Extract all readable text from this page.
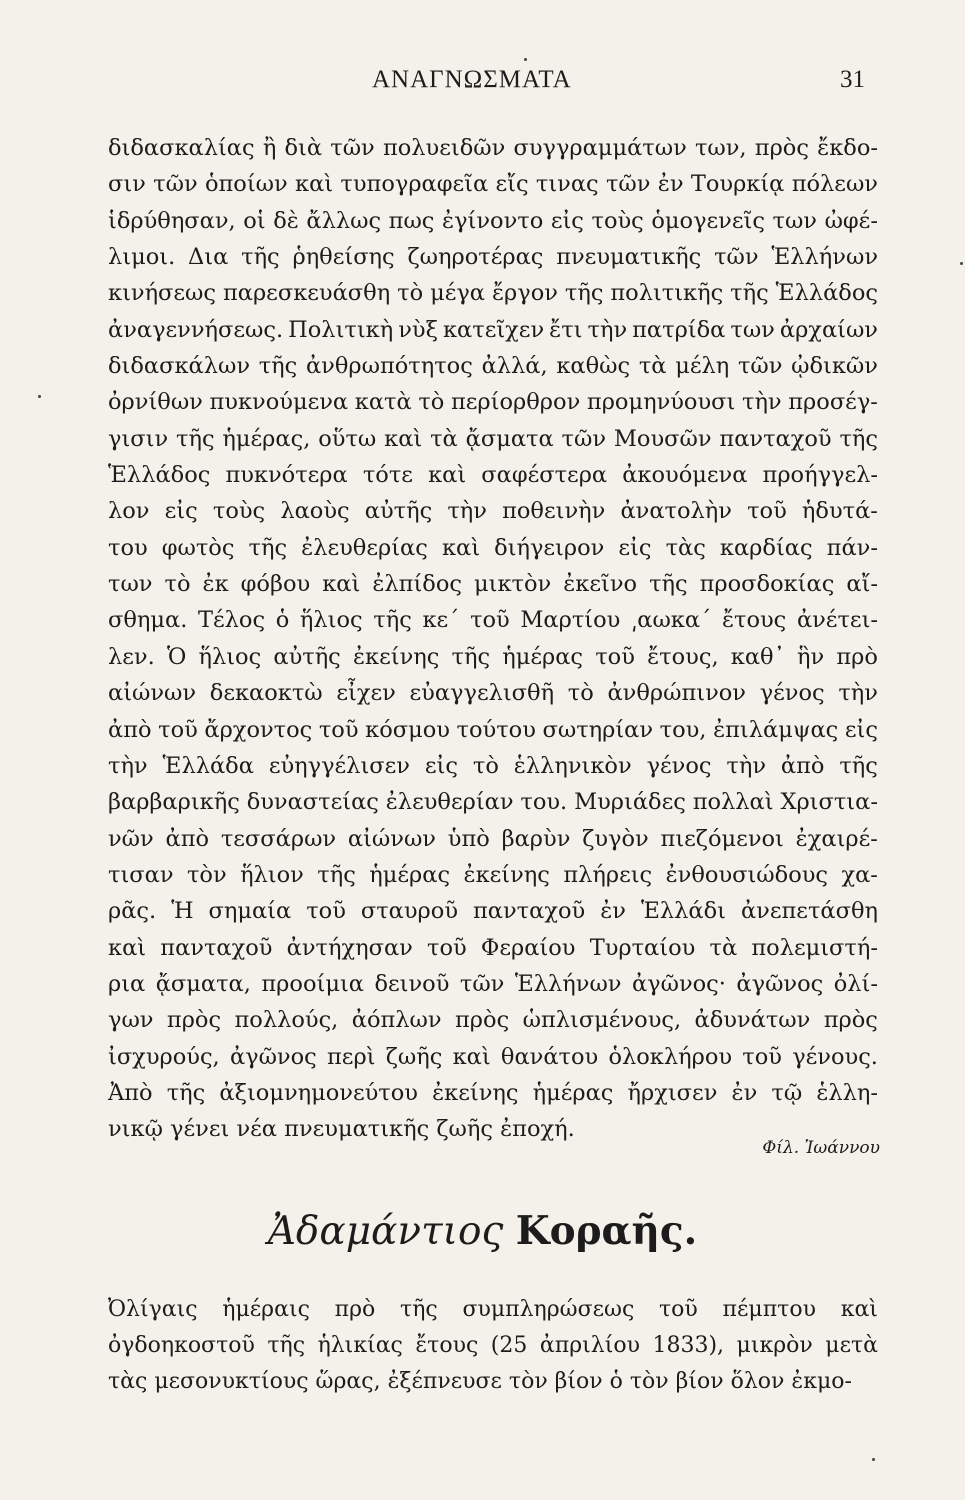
ΑΝΑΓΝΩΣΜΑΤΑ	31
διδασκαλίας ἢ διὰ τῶν πολυειδῶν συγγραμμάτων των, πρὸς ἔκδο-
σιν τῶν ὁποίων καὶ τυπογραφεῖα εἴς τινας τῶν ἐν Τουρκίᾳ πόλεων
ἱδρύθησαν, οἱ δὲ ἄλλως πως ἐγίνοντο εἰς τοὺς ὁμογενεῖς των ὠφέ-
λιμοι. Δια τῆς ῥηθείσης ζωηροτέρας πνευματικῆς τῶν Ἑλλήνων
κινήσεως παρεσκευάσθη τὸ μέγα ἔργον τῆς πολιτικῆς τῆς Ἑλλάδος
ἀναγεννήσεως. Πολιτικὴ νὺξ κατεῖχεν ἔτι τὴν πατρίδα των ἀρχαίων
διδασκάλων τῆς ἀνθρωπότητος ἀλλά, καθὼς τὰ μέλη τῶν ᾠδικῶν
ὀρνίθων πυκνούμενα κατὰ τὸ περίορθρον προμηνύουσι τὴν προσέγ-
γισιν τῆς ἡμέρας, οὕτω καὶ τὰ ᾄσματα τῶν Μουσῶν πανταχοῦ τῆς
Ἑλλάδος πυκνότερα τότε καὶ σαφέστερα ἀκουόμενα προήγγελ-
λον εἰς τοὺς λαοὺς αὐτῆς τὴν ποθεινὴν ἀνατολὴν τοῦ ἡδυτά-
του φωτὸς τῆς ἐλευθερίας καὶ διήγειρον εἰς τὰς καρδίας πάν-
των τὸ ἐκ φόβου καὶ ἐλπίδος μικτὸν ἐκεῖνο τῆς προσδοκίας αἴ-
σθημα. Τέλος ὁ ἥλιος τῆς κε΄ τοῦ Μαρτίου ͵αωκα΄ ἔτους ἀνέτει-
λεν. Ὁ ἥλιος αὐτῆς ἐκείνης τῆς ἡμέρας τοῦ ἔτους, καθ᾽ ἣν πρὸ
αἰώνων δεκαοκτὼ εἶχεν εὐαγγελισθῆ τὸ ἀνθρώπινον γένος τὴν
ἀπὸ τοῦ ἄρχοντος τοῦ κόσμου τούτου σωτηρίαν του, ἐπιλάμψας εἰς
τὴν Ἑλλάδα εὐηγγέλισεν εἰς τὸ ἑλληνικὸν γένος τὴν ἀπὸ τῆς
βαρβαρικῆς δυναστείας ἐλευθερίαν του. Μυριάδες πολλαὶ Χριστια-
νῶν ἀπὸ τεσσάρων αἰώνων ὑπὸ βαρὺν ζυγὸν πιεζόμενοι ἐχαιρέ-
τισαν τὸν ἥλιον τῆς ἡμέρας ἐκείνης πλήρεις ἐνθουσιώδους χα-
ρᾶς. Ἡ σημαία τοῦ σταυροῦ πανταχοῦ ἐν Ἑλλάδι ἀνεπετάσθη
καὶ πανταχοῦ ἀντήχησαν τοῦ Φεραίου Τυρταίου τὰ πολεμιστή-
ρια ᾄσματα, προοίμια δεινοῦ τῶν Ἑλλήνων ἀγῶνος· ἀγῶνος ὀλί-
γων πρὸς πολλούς, ἀόπλων πρὸς ὡπλισμένους, ἀδυνάτων πρὸς
ἰσχυρούς, ἀγῶνος περὶ ζωῆς καὶ θανάτου ὁλοκλήρου τοῦ γένους.
Ἀπὸ τῆς ἀξιομνημονεύτου ἐκείνης ἡμέρας ἤρχισεν ἐν τῷ ἑλλη-
νικῷ γένει νέα πνευματικῆς ζωῆς ἐποχή.
Φίλ. Ἰωάννου
Ἀδαμάντιος Κοραῆς.
Ὀλίγαις ἡμέραις πρὸ τῆς συμπληρώσεως τοῦ πέμπτου καὶ
ὀγδοηκοστοῦ τῆς ἡλικίας ἔτους (25 ἀπριλίου 1833), μικρὸν μετὰ
τὰς μεσονυκτίους ὥρας, ἐξέπνευσε τὸν βίον ὁ τὸν βίον ὅλον ἐκμο-
